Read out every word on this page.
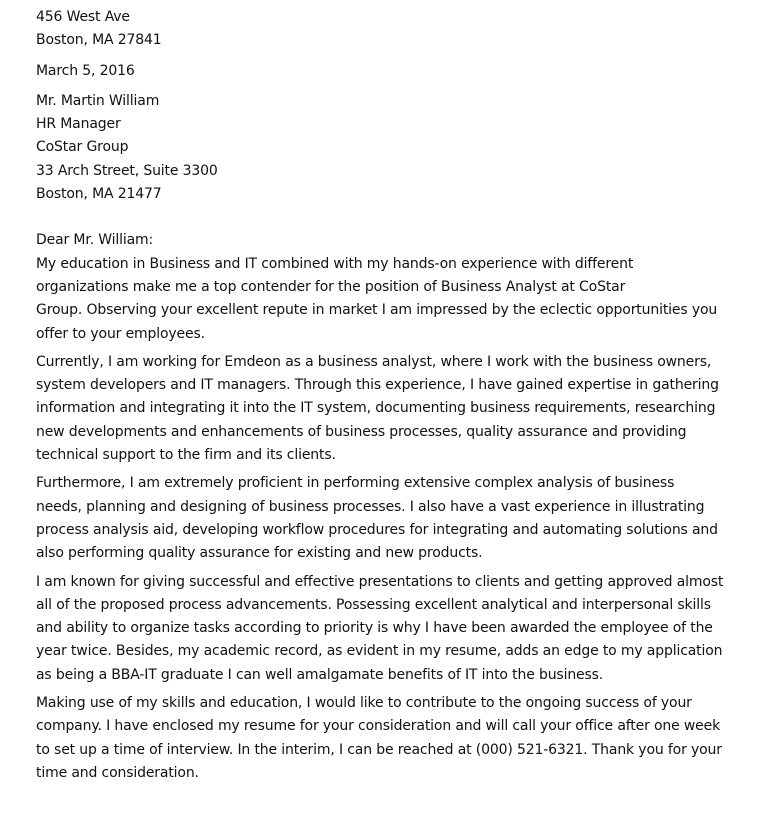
456 West Ave
Boston, MA 27841
March 5, 2016
Mr. Martin William
HR Manager
CoStar Group
33 Arch Street, Suite 3300
Boston, MA 21477
Dear Mr. William:
My education in Business and IT combined with my hands-on experience with different
organizations make me a top contender for the position of Business Analyst at CoStar
Group. Observing your excellent repute in market I am impressed by the eclectic opportunities you
offer to your employees.
Currently, I am working for Emdeon as a business analyst, where I work with the business owners,
system developers and IT managers. Through this experience, I have gained expertise in gathering
information and integrating it into the IT system, documenting business requirements, researching
new developments and enhancements of business processes, quality assurance and providing
technical support to the firm and its clients.
Furthermore, I am extremely proficient in performing extensive complex analysis of business
needs, planning and designing of business processes. I also have a vast experience in illustrating
process analysis aid, developing workflow procedures for integrating and automating solutions and
also performing quality assurance for existing and new products.
I am known for giving successful and effective presentations to clients and getting approved almost
all of the proposed process advancements. Possessing excellent analytical and interpersonal skills
and ability to organize tasks according to priority is why I have been awarded the employee of the
year twice. Besides, my academic record, as evident in my resume, adds an edge to my application
as being a BBA-IT graduate I can well amalgamate benefits of IT into the business.
Making use of my skills and education, I would like to contribute to the ongoing success of your
company. I have enclosed my resume for your consideration and will call your office after one week
to set up a time of interview. In the interim, I can be reached at (000) 521-6321. Thank you for your
time and consideration.
